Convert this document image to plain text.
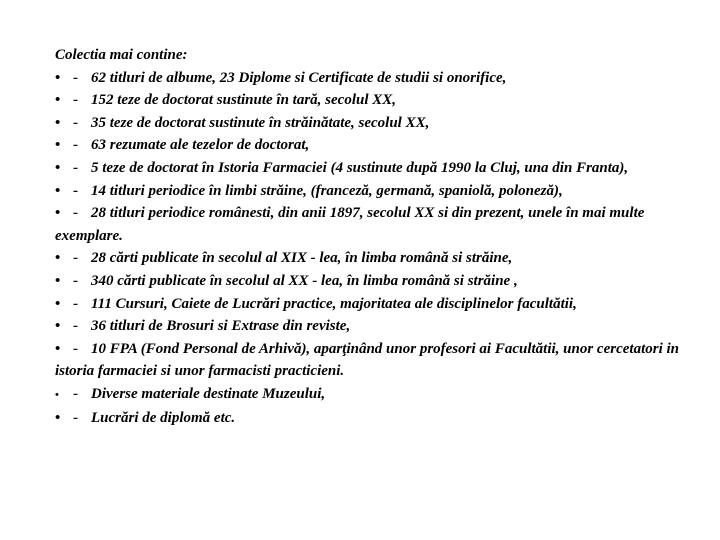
Colectia mai contine:
• - 62 titluri de albume, 23 Diplome si Certificate de studii si onorifice,
• - 152 teze de doctorat sustinute în tară, secolul XX,
• - 35 teze de doctorat sustinute în străinătate, secolul XX,
• - 63 rezumate ale tezelor de doctorat,
• - 5 teze de doctorat în Istoria Farmaciei (4 sustinute după 1990 la Cluj, una din Franta),
• - 14 titluri periodice în limbi străine, (franceză, germană, spaniolă, poloneză),
• - 28 titluri periodice românesti, din anii 1897, secolul XX si din prezent, unele în mai multe exemplare.
• - 28 cărti publicate în secolul al XIX - lea, în limba română si străine,
• - 340 cărti publicate în secolul al XX - lea, în limba română si străine ,
• - 111 Cursuri, Caiete de Lucrări practice, majoritatea ale disciplinelor facultătii,
• - 36 titluri de Brosuri si Extrase din reviste,
• - 10 FPA (Fond Personal de Arhivă), aparţinând unor profesori ai Facultătii, unor cercetatori in istoria farmaciei si unor farmacisti practicieni.
• - Diverse materiale destinate Muzeului,
• - Lucrări de diplomă etc.
